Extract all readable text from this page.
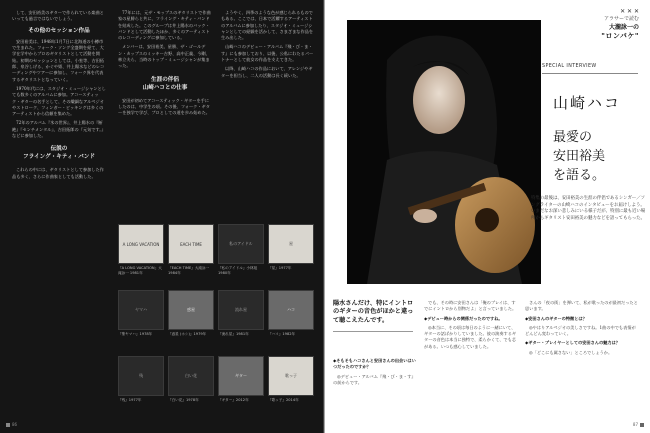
して、安田裕美のギターで作られている楽曲といっても過言ではないでしょう。

その他のセッション作品

安田裕美は、1948年1月7日に北海道の小樽市で生まれた。フォーク・ソング全盛期を経て、大学在学中からプロのギタリストとして活動を開始。初期のセッションとしては、小室等、吉田拓郎、泉谷しげる、かぐや姫、井上陽水などのレコーディングやツアーに参加し、フォーク界を代表するギタリストとなっていく。

1970年代には、スタジオ・ミュージシャンとしても数多くのアルバムに参加。アコースティック・ギターの名手として、その繊細なアルペジオやストローク、フィンガー・ピッキングは多くのアーティストから信頼を集めた。

72年のアルバム『氷の世界』、井上陽水の『断絶』『センチメンタル』、吉田拓郎の『元気です。』などに参加した。

伝説の
フライング・キティ・バンド

これらの中には、ギタリストとして参加した作品も多く、さらに作曲家としても活動した。

77年には、元ザ・モップスのギタリストで作曲家の星勝らと共に、フライング・キティ・バンドを結成した。このグループは井上陽水のバック・バンドとして活動したほか、多くのアーティストのレコーディングに参加している。

メンバーは、安田裕美、星勝、ザ・ゴールデン・カップスのミッキー吉野、高中正義、今剛、林立夫ら、当時のトップ・ミュージシャンが集まった。

生涯の伴侶
山崎ハコとの仕事

安田が初めてアコースティック・ギターを手にしたのは、中学生の頃。その後、フォーク・ギターを独学で学び、プロとしての道を歩み始めた。

ようやく、四季のような色が感じられるものでもある。ここでは、日本で活躍するアーティストのアルバムに参加したり、スタジオ・ミュージシャンとしての経験を活かして、さまざまな作品を生み出した。

山崎ハコのデビュー・アルバム『飛・び・ま・す』にも参加しており、以後、公私にわたるパートナーとして彼女の作品を支えてきた。

以降、山崎ハコの作品において、アレンジやギターを担当し、二人の活動は長く続いた。

A LONG VACATION
『A LONG VACATION』大滝詠一 1981年
EACH TIME
『EACH TIME』大滝詠一 1984年
私のアイドル
『私のアイドル』小林旭 1980年
星
『星』1977年
ヤマハ
『聖ヤマハ』1978年
惑星
『惑星 (ホシ)』1979年
流れ星
『流れ星』1981年
ハコ
『ハコ』1982年
残
『残』1977年
白い花
『白い花』1978年
ギター
『ギター』2012年
歌っ子
『歌っ子』2014年
86
✕ ✕ ✕
アラサーで読む
大瀧詠一の
"ロンバケ"
SPECIAL INTERVIEW
山崎ハコ
最愛の
安田裕美
を語る。
特集の最後は、安田裕美の生涯の伴侶であるシンガー／ソングライターの山崎ハコのインタビューをお届けしよう。いまだなお深い悲しみにいる様子だが、特別に最も近い場所からギタリスト安田裕美の魅力などを語ってもらった。
陽水さんだけ、特にイントロのギターの音色がほかと違って聴こえたんです。

◆そもそもハコさんと安田さんの出会いはいつだったのですか？

◎デビュー・アルバム『飛・び・ま・す』の前からです。

でも、その時に安田さんは「俺のプレイは、すでにイントロから別物だよ」と言っていました。

◆デビュー時からの関係だったのですね。

◎本当に、その頃は毎日のように一緒にいて、ギターの話ばかりしていました。彼の演奏するギターの音色は本当に独特で、柔らかくて、でも芯がある。いつも感心していました。

さんの「夜の街」を弾いて、私が歌ったのが最初だったと思います。

◆安田さんのギターの特徴とは？

◎やはりアルペジオの美しさですね。1曲の中でも表情がどんどん変わっていく。

◆ギター・プレイヤーとしての安田さんの魅力は？

◎「どこにも属さない」ところでしょうか。

87
